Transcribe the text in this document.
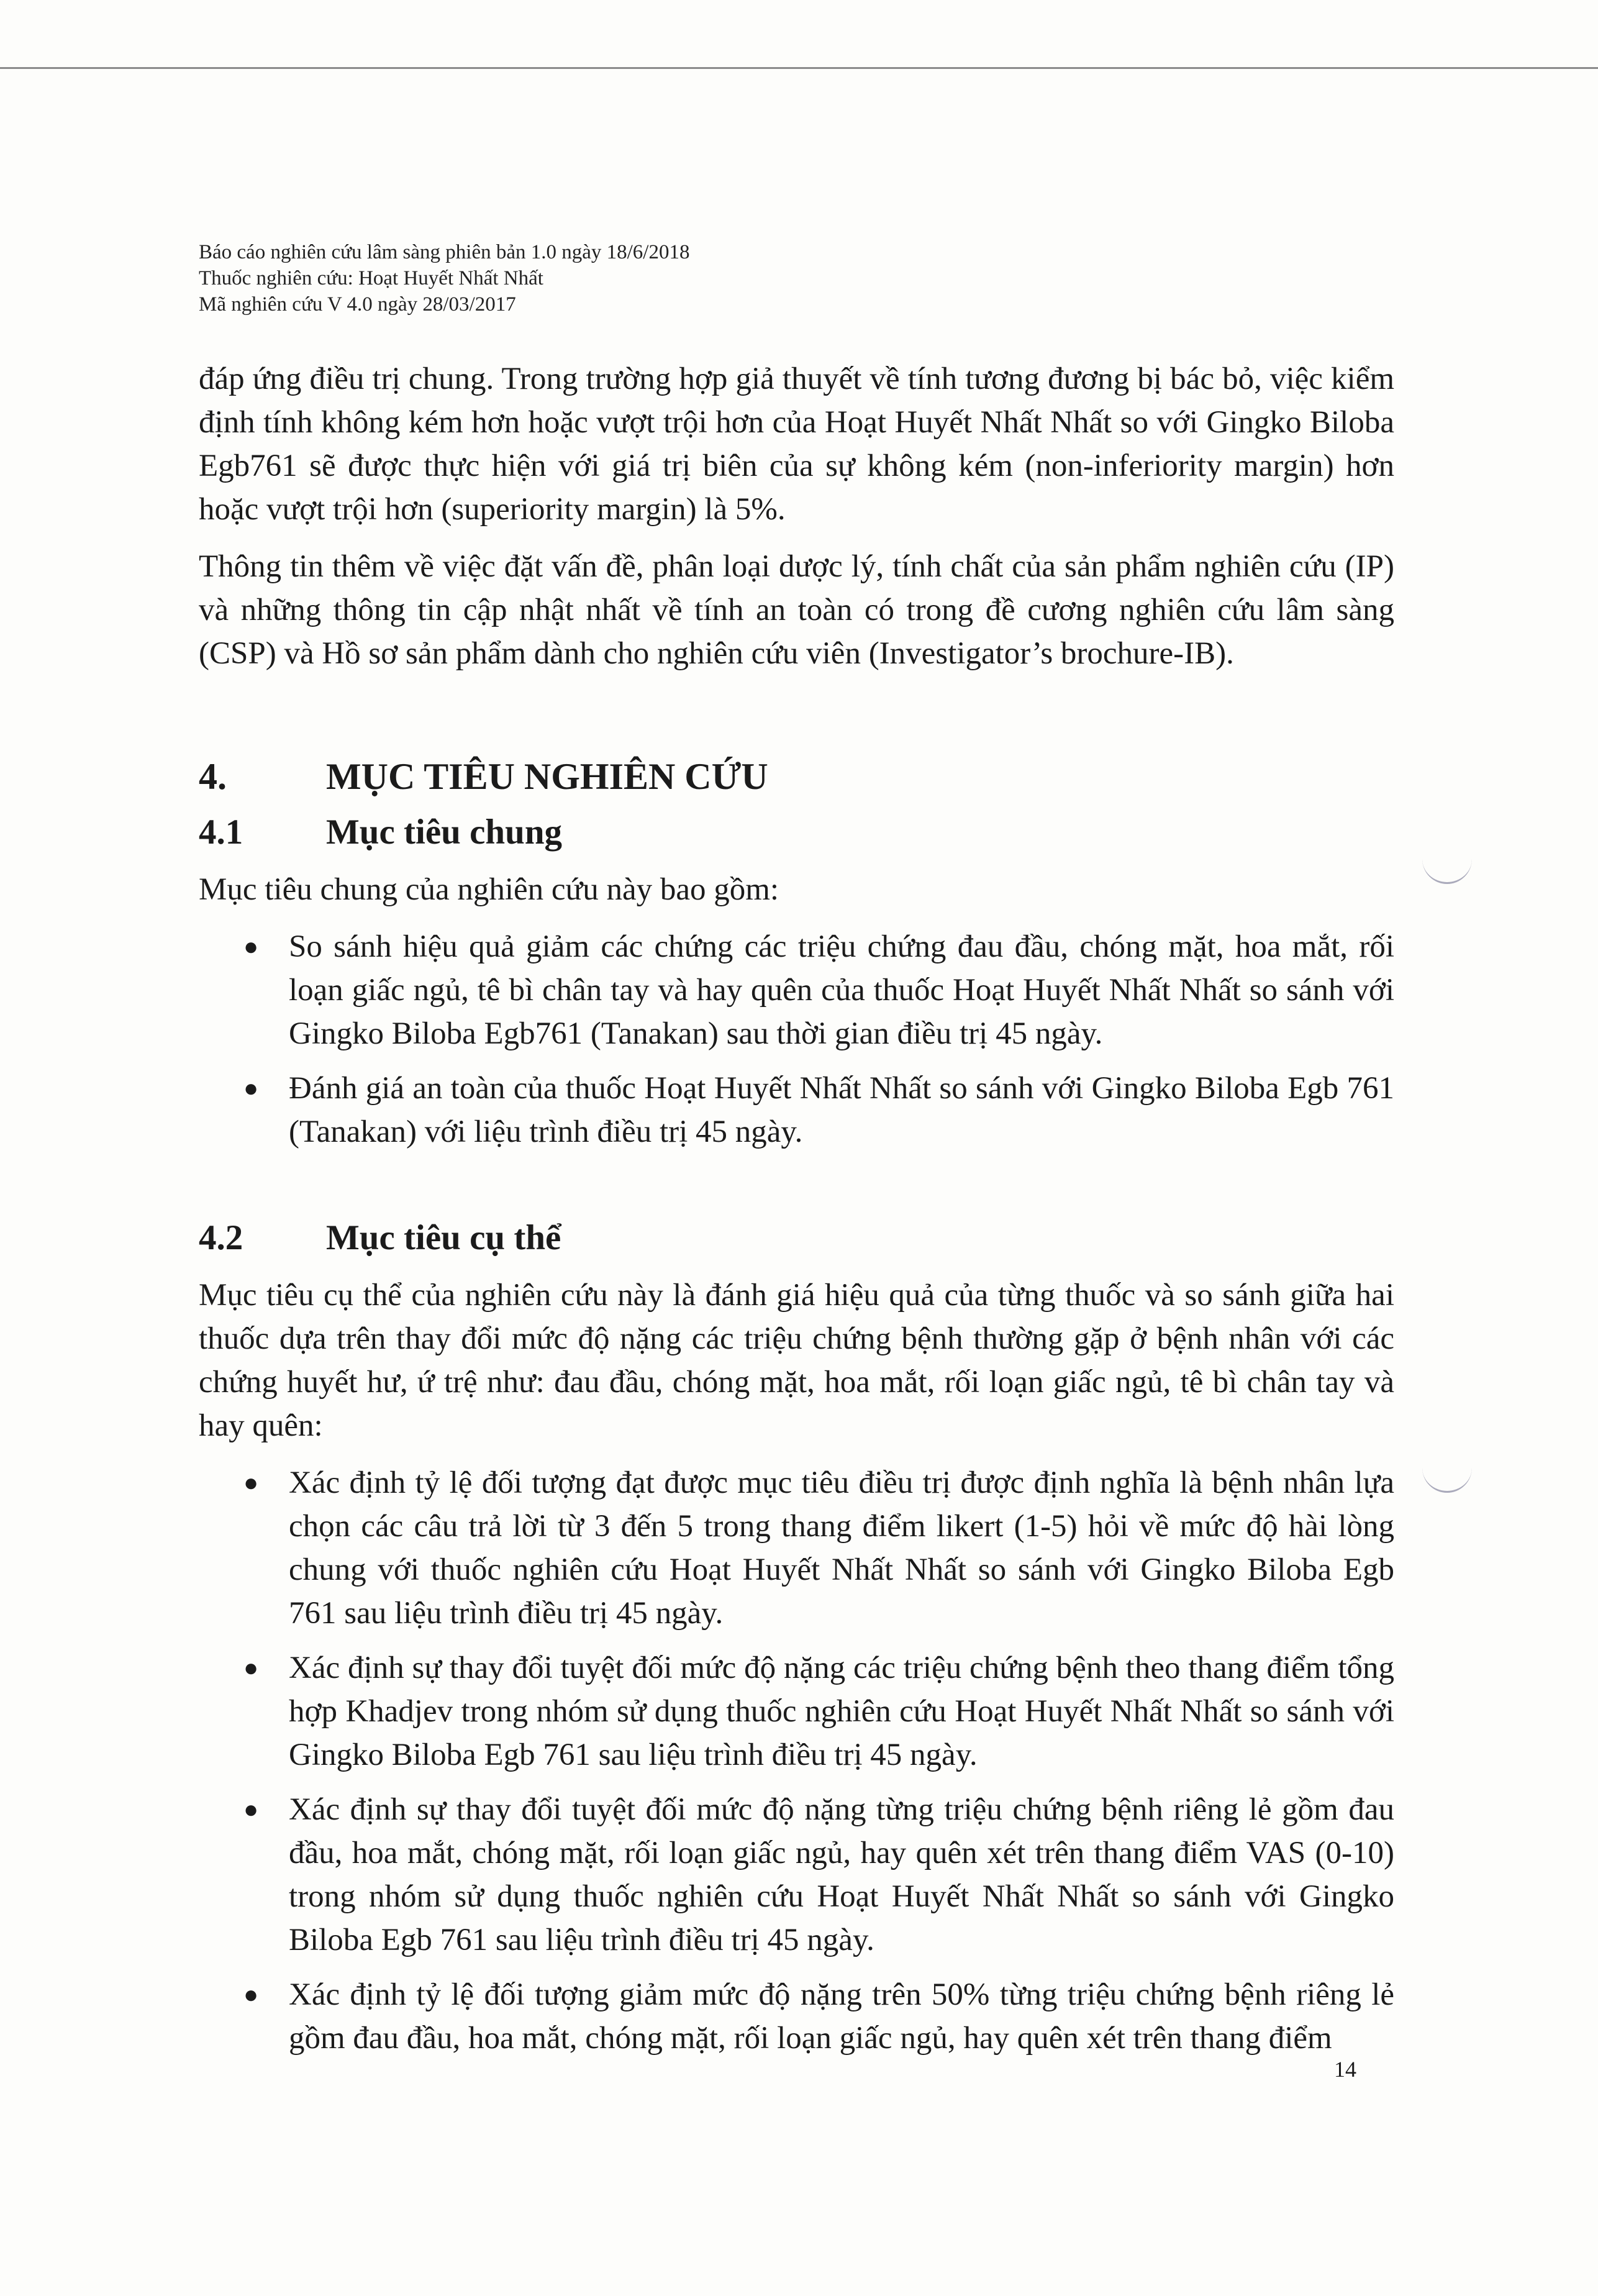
Báo cáo nghiên cứu lâm sàng phiên bản 1.0 ngày 18/6/2018
Thuốc nghiên cứu: Hoạt Huyết Nhất Nhất
Mã nghiên cứu V 4.0 ngày 28/03/2017

đáp ứng điều trị chung. Trong trường hợp giả thuyết về tính tương đương bị bác bỏ, việc kiểm định tính không kém hơn hoặc vượt trội hơn của Hoạt Huyết Nhất Nhất so với Gingko Biloba Egb761 sẽ được thực hiện với giá trị biên của sự không kém (non-inferiority margin) hơn hoặc vượt trội hơn (superiority margin) là 5%.

Thông tin thêm về việc đặt vấn đề, phân loại dược lý, tính chất của sản phẩm nghiên cứu (IP) và những thông tin cập nhật nhất về tính an toàn có trong đề cương nghiên cứu lâm sàng (CSP) và Hồ sơ sản phẩm dành cho nghiên cứu viên (Investigator’s brochure-IB).

4.	MỤC TIÊU NGHIÊN CỨU
4.1 Mục tiêu chung

Mục tiêu chung của nghiên cứu này bao gồm:

● So sánh hiệu quả giảm các chứng các triệu chứng đau đầu, chóng mặt, hoa mắt, rối loạn giấc ngủ, tê bì chân tay và hay quên của thuốc Hoạt Huyết Nhất Nhất so sánh với Gingko Biloba Egb761 (Tanakan) sau thời gian điều trị 45 ngày.
● Đánh giá an toàn của thuốc Hoạt Huyết Nhất Nhất so sánh với Gingko Biloba Egb 761 (Tanakan) với liệu trình điều trị 45 ngày.
4.2 Mục tiêu cụ thể

Mục tiêu cụ thể của nghiên cứu này là đánh giá hiệu quả của từng thuốc và so sánh giữa hai thuốc dựa trên thay đổi mức độ nặng các triệu chứng bệnh thường gặp ở bệnh nhân với các chứng huyết hư, ứ trệ như: đau đầu, chóng mặt, hoa mắt, rối loạn giấc ngủ, tê bì chân tay và hay quên:

● Xác định tỷ lệ đối tượng đạt được mục tiêu điều trị được định nghĩa là bệnh nhân lựa chọn các câu trả lời từ 3 đến 5 trong thang điểm likert (1-5) hỏi về mức độ hài lòng chung với thuốc nghiên cứu Hoạt Huyết Nhất Nhất so sánh với Gingko Biloba Egb 761 sau liệu trình điều trị 45 ngày.
● Xác định sự thay đổi tuyệt đối mức độ nặng các triệu chứng bệnh theo thang điểm tổng hợp Khadjev trong nhóm sử dụng thuốc nghiên cứu Hoạt Huyết Nhất Nhất so sánh với Gingko Biloba Egb 761 sau liệu trình điều trị 45 ngày.
● Xác định sự thay đổi tuyệt đối mức độ nặng từng triệu chứng bệnh riêng lẻ gồm đau đầu, hoa mắt, chóng mặt, rối loạn giấc ngủ, hay quên xét trên thang điểm VAS (0-10) trong nhóm sử dụng thuốc nghiên cứu Hoạt Huyết Nhất Nhất so sánh với Gingko Biloba Egb 761 sau liệu trình điều trị 45 ngày.
● Xác định tỷ lệ đối tượng giảm mức độ nặng trên 50% từng triệu chứng bệnh riêng lẻ gồm đau đầu, hoa mắt, chóng mặt, rối loạn giấc ngủ, hay quên xét trên thang điểm
14
